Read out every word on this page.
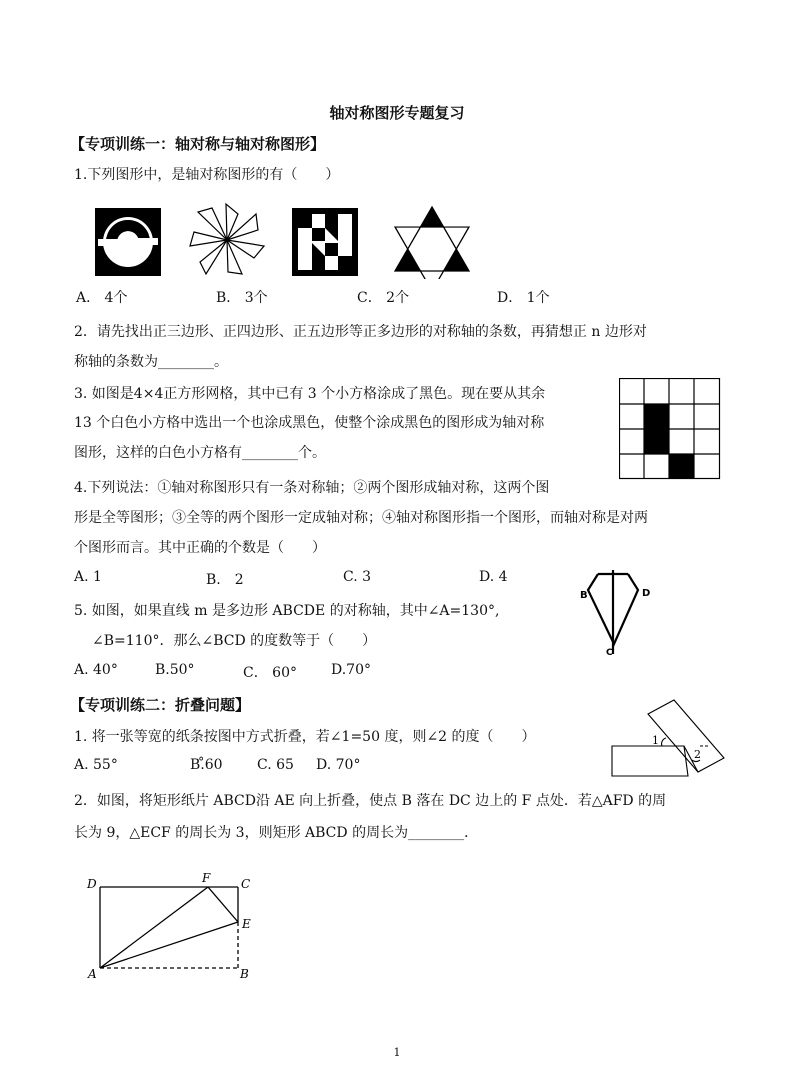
轴对称图形专题复习
【专项训练一：轴对称与轴对称图形】
1.下列图形中，是轴对称图形的有（　　）
A． 4个	B． 3个	C． 2个	D． 1个
2．请先找出正三边形、正四边形、正五边形等正多边形的对称轴的条数，再猜想正 n 边形对
称轴的条数为________。
3. 如图是4×4正方形网格，其中已有 3 个小方格涂成了黑色。现在要从其余
13 个白色小方格中选出一个也涂成黑色，使整个涂成黑色的图形成为轴对称
图形，这样的白色小方格有________个。
4.下列说法：①轴对称图形只有一条对称轴；②两个图形成轴对称，这两个图
形是全等图形；③全等的两个图形一定成轴对称；④轴对称图形指一个图形，而轴对称是对两
个图形而言。其中正确的个数是（　　）
A. 1	B.　2	C. 3	D. 4
5. 如图，如果直线 m 是多边形 ABCDE 的对称轴，其中∠A=130°,
∠B=110°．那么∠BCD 的度数等于（　　）
A. 40°	B.50°	C． 60° D.70°
B	D
C
【专项训练二：折叠问题】
1. 将一张等宽的纸条按图中方式折叠，若∠1=50 度，则∠2 的度（　　）
A. 55°	B.̊60 C. 65 D. 70°
1
2
2．如图，将矩形纸片 ABCD沿 AE 向上折叠，使点 B 落在 DC 边上的 F 点处．若△AFD 的周
长为 9，△ECF 的周长为 3，则矩形 ABCD 的周长为________．
D	F	C
E
A	B
1
